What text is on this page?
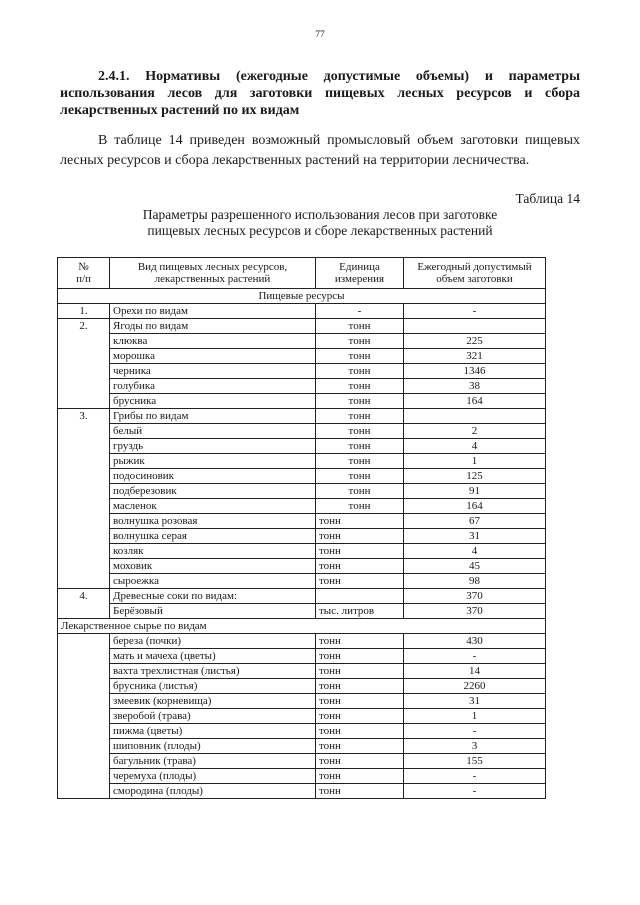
77
2.4.1. Нормативы (ежегодные допустимые объемы) и параметры использования лесов для заготовки пищевых лесных ресурсов и сбора лекарственных растений по их видам
В таблице 14 приведен возможный промысловый объем заготовки пищевых лесных ресурсов и сбора лекарственных растений на территории лесничества.
Таблица 14
Параметры разрешенного использования лесов при заготовке
пищевых лесных ресурсов и сборе лекарственных растений
№
п/п	Вид пищевых лесных ресурсов, лекарственных растений	Единица измерения	Ежегодный допустимый объем заготовки
Пищевые ресурсы			
1.	Орехи по видам	-	-
2.	Ягоды по видам	тонн	
	клюква	тонн	225
	морошка	тонн	321
	черника	тонн	1346
	голубика	тонн	38
	брусника	тонн	164
3.	Грибы по видам	тонн	
	белый	тонн	2
	груздь	тонн	4
	рыжик	тонн	1
	подосиновик	тонн	125
	подберезовик	тонн	91
	масленок	тонн	164
	волнушка розовая	тонн	67
	волнушка серая	тонн	31
	козляк	тонн	4
	моховик	тонн	45
	сыроежка	тонн	98
4.	Древесные соки по видам:		370
	Берёзовый	тыс. литров	370
Лекарственное сырье по видам			
	береза (почки)	тонн	430
	мать и мачеха (цветы)	тонн	-
	вахта трехлистная (листья)	тонн	14
	брусника (листья)	тонн	2260
	змеевик (корневища)	тонн	31
	зверобой (трава)	тонн	1
	пижма (цветы)	тонн	-
	шиповник (плоды)	тонн	3
	багульник (трава)	тонн	155
	черемуха (плоды)	тонн	-
	смородина (плоды)	тонн	-
